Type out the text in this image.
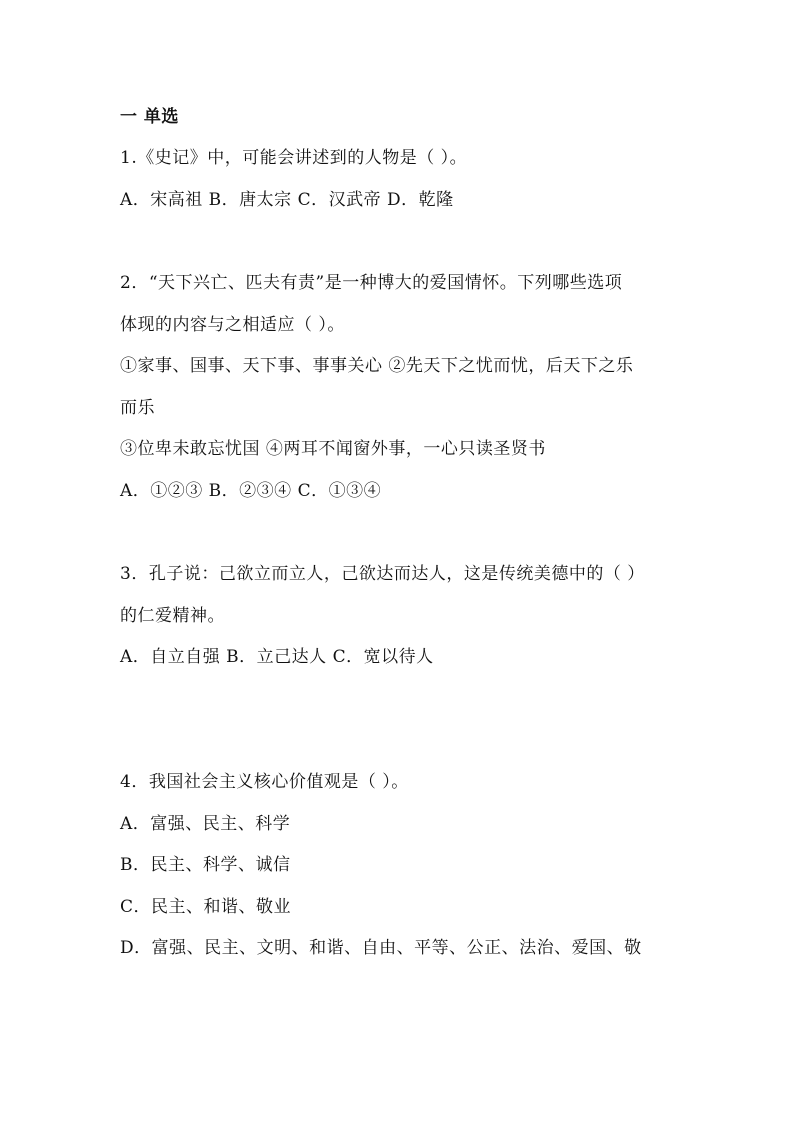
一 单选
1.《史记》中，可能会讲述到的人物是（ ）。
A．宋高祖 B．唐太宗 C．汉武帝 D．乾隆
2．“天下兴亡、匹夫有责”是一种博大的爱国情怀。下列哪些选项
体现的内容与之相适应（ ）。
①家事、国事、天下事、事事关心 ②先天下之忧而忧，后天下之乐
而乐
③位卑未敢忘忧国 ④两耳不闻窗外事，一心只读圣贤书
A．①②③ B．②③④ C．①③④
3．孔子说：己欲立而立人，己欲达而达人，这是传统美德中的（ ）
的仁爱精神。
A．自立自强 B．立己达人 C．宽以待人
4．我国社会主义核心价值观是（ ）。
A．富强、民主、科学
B．民主、科学、诚信
C．民主、和谐、敬业
D．富强、民主、文明、和谐、自由、平等、公正、法治、爱国、敬
